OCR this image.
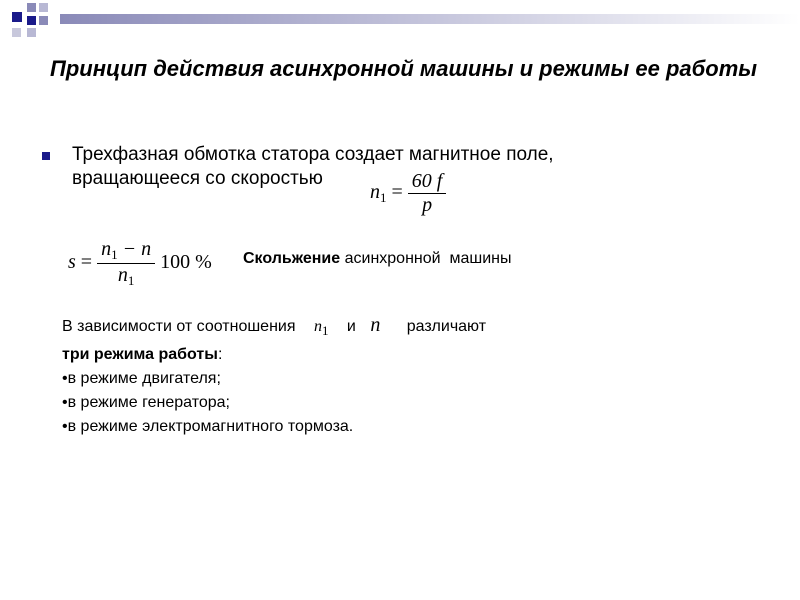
Принцип действия асинхронной машины и режимы ее работы
Трехфазная обмотка статора создает магнитное поле,
вращающееся со скоростью
$n_1 = \frac{60 f}{p}$
$s = \frac{n_1 - n}{n_1} 100$ % Скольжение асинхронной  машины
В зависимости от соотношения $n_1$ и n различают
три режима работы:
•в режиме двигателя;
•в режиме генератора;
•в режиме электромагнитного тормоза.
